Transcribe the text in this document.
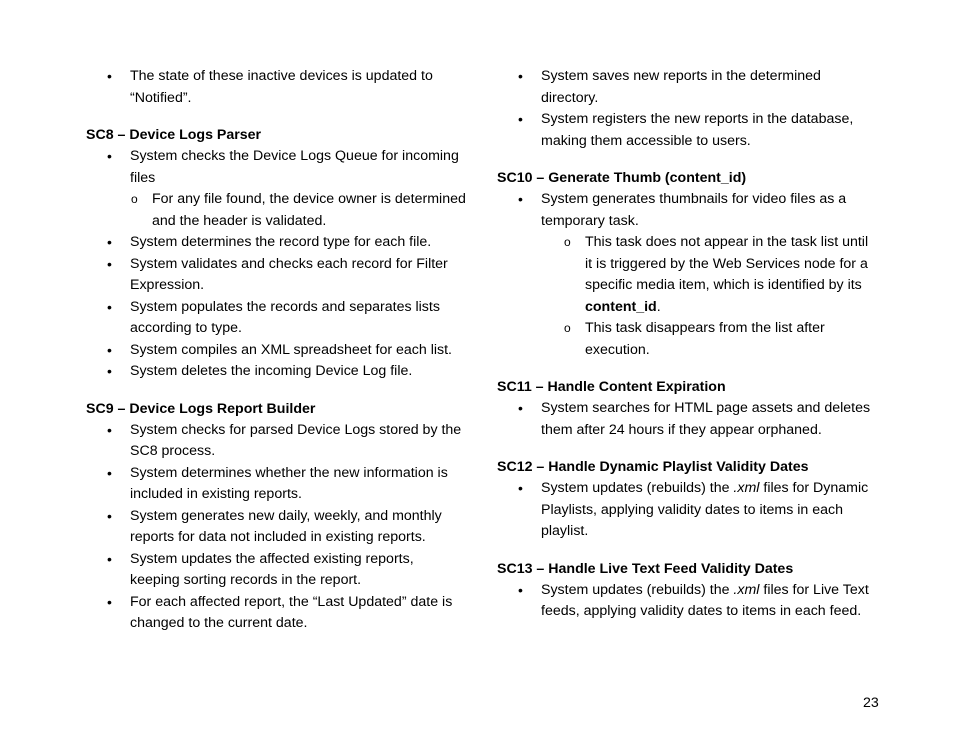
• The state of these inactive devices is updated to “Notified”.
SC8 – Device Logs Parser
• System checks the Device Logs Queue for incoming files
o For any file found, the device owner is determined and the header is validated.
• System determines the record type for each file.
• System validates and checks each record for Filter Expression.
• System populates the records and separates lists according to type.
• System compiles an XML spreadsheet for each list.
• System deletes the incoming Device Log file.
SC9 – Device Logs Report Builder
• System checks for parsed Device Logs stored by the SC8 process.
• System determines whether the new information is included in existing reports.
• System generates new daily, weekly, and monthly reports for data not included in existing reports.
• System updates the affected existing reports, keeping sorting records in the report.
• For each affected report, the “Last Updated” date is changed to the current date.
• System saves new reports in the determined directory.
• System registers the new reports in the database, making them accessible to users.
SC10 – Generate Thumb (content_id)
• System generates thumbnails for video files as a temporary task.
o This task does not appear in the task list until it is triggered by the Web Services node for a specific media item, which is identified by its content_id.
o This task disappears from the list after execution.
SC11 – Handle Content Expiration
• System searches for HTML page assets and deletes them after 24 hours if they appear orphaned.
SC12 – Handle Dynamic Playlist Validity Dates
• System updates (rebuilds) the .xml files for Dynamic Playlists, applying validity dates to items in each playlist.
SC13 – Handle Live Text Feed Validity Dates
• System updates (rebuilds) the .xml files for Live Text feeds, applying validity dates to items in each feed.
23
